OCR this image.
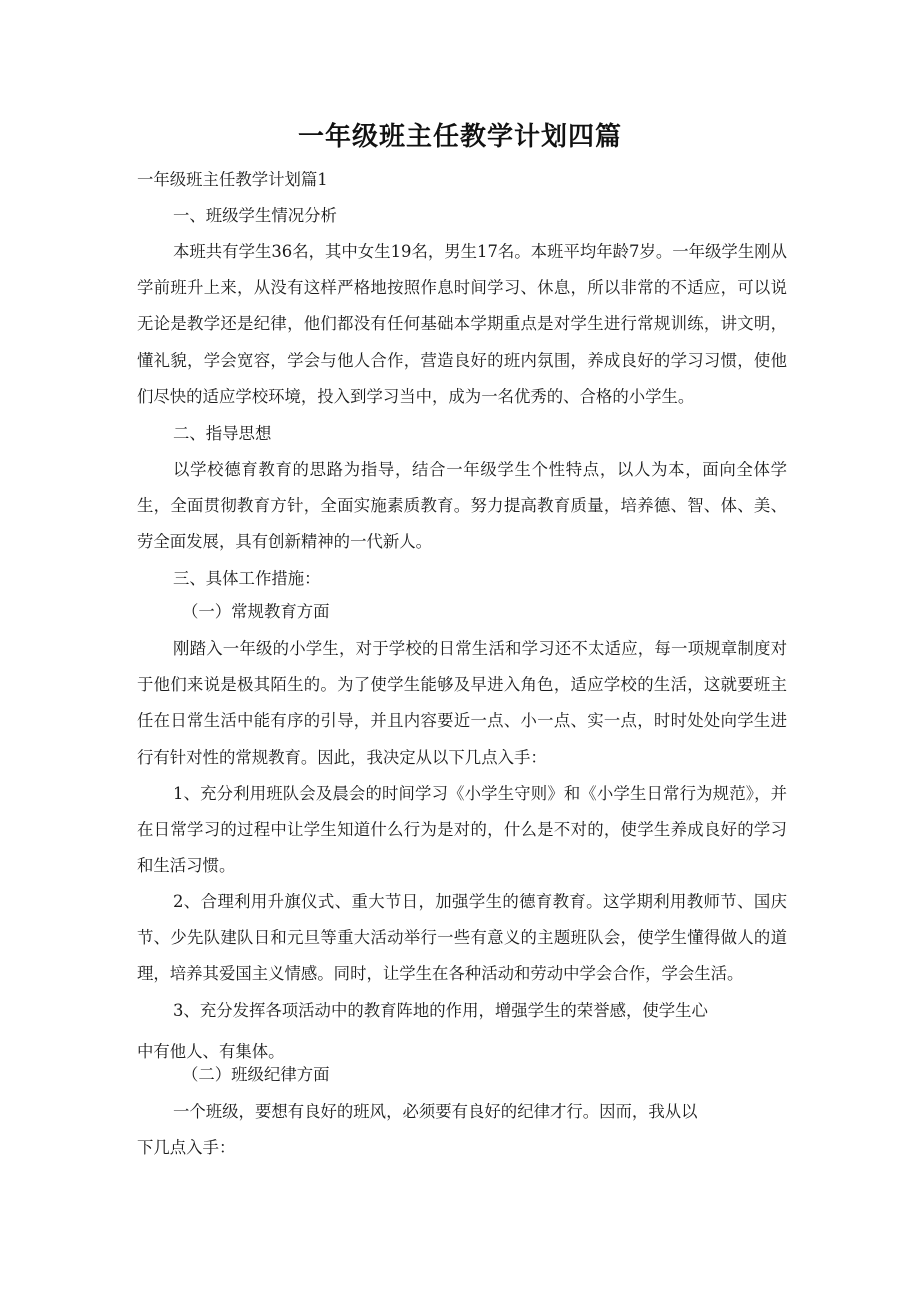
一年级班主任教学计划四篇
一年级班主任教学计划篇1
一、班级学生情况分析
本班共有学生36名，其中女生19名，男生17名。本班平均年龄7岁。一年级学生刚从学前班升上来，从没有这样严格地按照作息时间学习、休息，所以非常的不适应，可以说无论是教学还是纪律，他们都没有任何基础本学期重点是对学生进行常规训练，讲文明，懂礼貌，学会宽容，学会与他人合作，营造良好的班内氛围，养成良好的学习习惯，使他们尽快的适应学校环境，投入到学习当中，成为一名优秀的、合格的小学生。
二、指导思想
以学校德育教育的思路为指导，结合一年级学生个性特点，以人为本，面向全体学生，全面贯彻教育方针，全面实施素质教育。努力提高教育质量，培养德、智、体、美、劳全面发展，具有创新精神的一代新人。
三、具体工作措施：
（一）常规教育方面
刚踏入一年级的小学生，对于学校的日常生活和学习还不太适应，每一项规章制度对于他们来说是极其陌生的。为了使学生能够及早进入角色，适应学校的生活，这就要班主任在日常生活中能有序的引导，并且内容要近一点、小一点、实一点，时时处处向学生进行有针对性的常规教育。因此，我决定从以下几点入手：
1、充分利用班队会及晨会的时间学习《小学生守则》和《小学生日常行为规范》，并在日常学习的过程中让学生知道什么行为是对的，什么是不对的，使学生养成良好的学习和生活习惯。
2、合理利用升旗仪式、重大节日，加强学生的德育教育。这学期利用教师节、国庆节、少先队建队日和元旦等重大活动举行一些有意义的主题班队会，使学生懂得做人的道理，培养其爱国主义情感。同时，让学生在各种活动和劳动中学会合作，学会生活。
3、充分发挥各项活动中的教育阵地的作用，增强学生的荣誉感，使学生心
中有他人、有集体。
（二）班级纪律方面
一个班级，要想有良好的班风，必须要有良好的纪律才行。因而，我从以
下几点入手：
